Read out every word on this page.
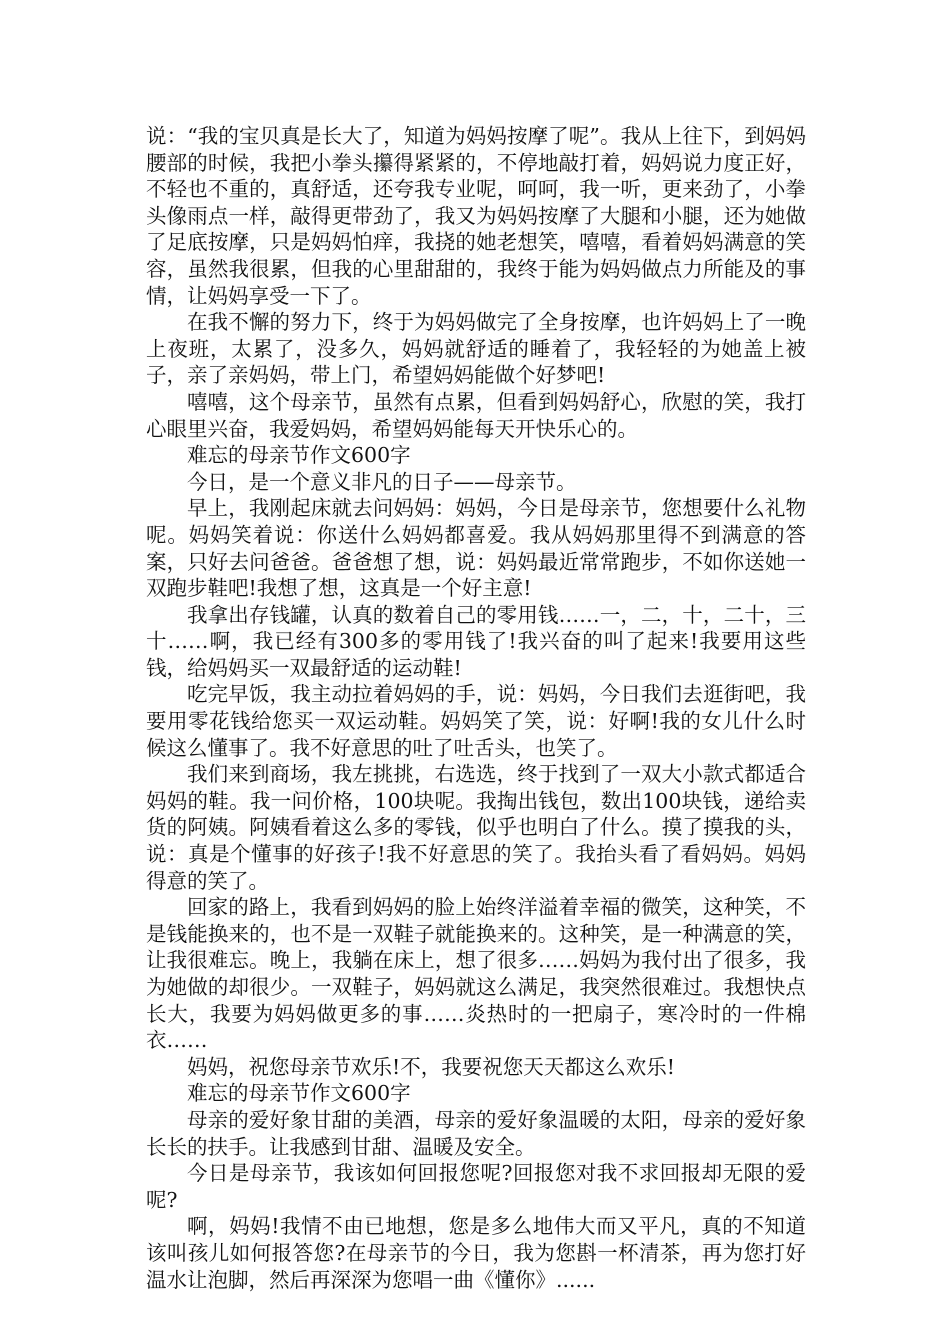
说：“我的宝贝真是长大了，知道为妈妈按摩了呢”。我从上往下，到妈妈腰部的时候，我把小拳头攥得紧紧的，不停地敲打着，妈妈说力度正好，不轻也不重的，真舒适，还夸我专业呢，呵呵，我一听，更来劲了，小拳头像雨点一样，敲得更带劲了，我又为妈妈按摩了大腿和小腿，还为她做了足底按摩，只是妈妈怕痒，我挠的她老想笑，嘻嘻，看着妈妈满意的笑容，虽然我很累，但我的心里甜甜的，我终于能为妈妈做点力所能及的事情，让妈妈享受一下了。

在我不懈的努力下，终于为妈妈做完了全身按摩，也许妈妈上了一晚上夜班，太累了，没多久，妈妈就舒适的睡着了，我轻轻的为她盖上被子，亲了亲妈妈，带上门，希望妈妈能做个好梦吧!

嘻嘻，这个母亲节，虽然有点累，但看到妈妈舒心，欣慰的笑，我打心眼里兴奋，我爱妈妈，希望妈妈能每天开快乐心的。

难忘的母亲节作文600字

今日，是一个意义非凡的日子——母亲节。

早上，我刚起床就去问妈妈：妈妈，今日是母亲节，您想要什么礼物呢。妈妈笑着说：你送什么妈妈都喜爱。我从妈妈那里得不到满意的答案，只好去问爸爸。爸爸想了想，说：妈妈最近常常跑步，不如你送她一双跑步鞋吧!我想了想，这真是一个好主意!

我拿出存钱罐，认真的数着自己的零用钱……一，二，十，二十，三十……啊，我已经有300多的零用钱了!我兴奋的叫了起来!我要用这些钱，给妈妈买一双最舒适的运动鞋!

吃完早饭，我主动拉着妈妈的手，说：妈妈，今日我们去逛街吧，我要用零花钱给您买一双运动鞋。妈妈笑了笑，说：好啊!我的女儿什么时候这么懂事了。我不好意思的吐了吐舌头，也笑了。

我们来到商场，我左挑挑，右选选，终于找到了一双大小款式都适合妈妈的鞋。我一问价格，100块呢。我掏出钱包，数出100块钱，递给卖货的阿姨。阿姨看着这么多的零钱，似乎也明白了什么。摸了摸我的头，说：真是个懂事的好孩子!我不好意思的笑了。我抬头看了看妈妈。妈妈得意的笑了。

回家的路上，我看到妈妈的脸上始终洋溢着幸福的微笑，这种笑，不是钱能换来的，也不是一双鞋子就能换来的。这种笑，是一种满意的笑，让我很难忘。晚上，我躺在床上，想了很多……妈妈为我付出了很多，我为她做的却很少。一双鞋子，妈妈就这么满足，我突然很难过。我想快点长大，我要为妈妈做更多的事……炎热时的一把扇子，寒冷时的一件棉衣……

妈妈，祝您母亲节欢乐!不，我要祝您天天都这么欢乐!

难忘的母亲节作文600字

母亲的爱好象甘甜的美酒，母亲的爱好象温暖的太阳，母亲的爱好象长长的扶手。让我感到甘甜、温暖及安全。

今日是母亲节，我该如何回报您呢?回报您对我不求回报却无限的爱呢?

啊，妈妈!我情不由已地想，您是多么地伟大而又平凡，真的不知道该叫孩儿如何报答您?在母亲节的今日，我为您斟一杯清茶，再为您打好温水让泡脚，然后再深深为您唱一曲《懂你》......
